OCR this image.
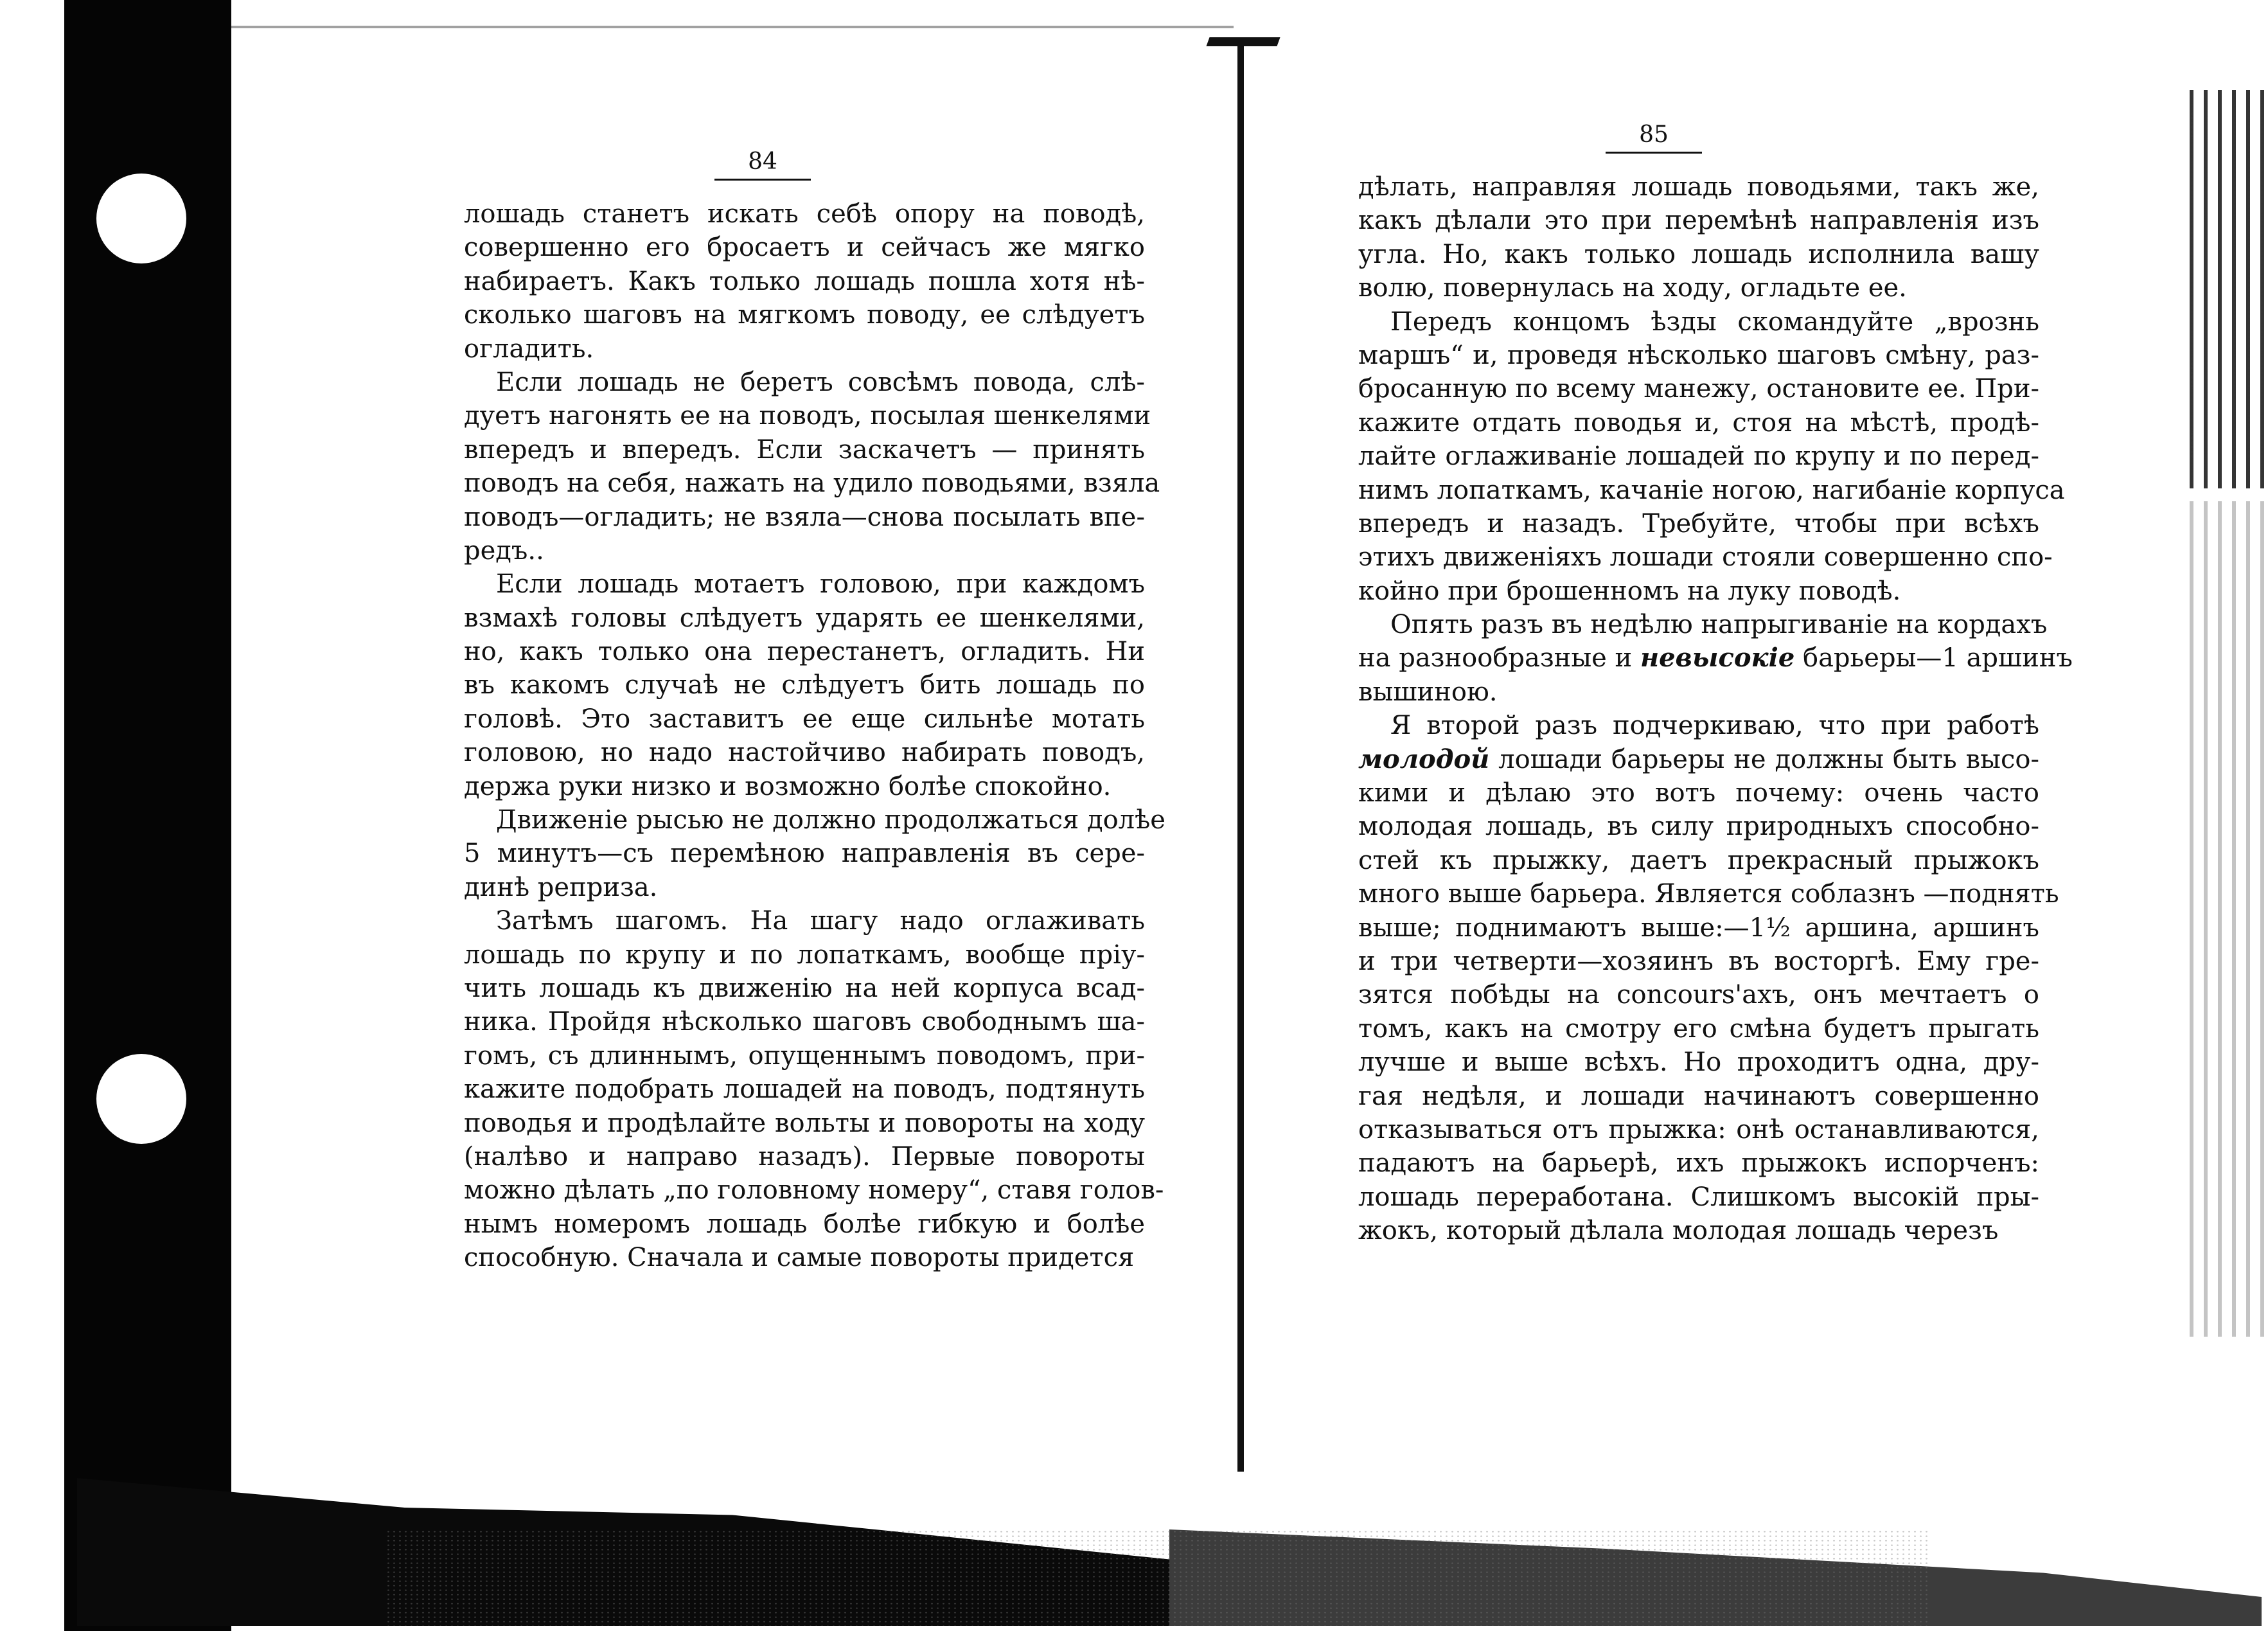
84
лошадь станетъ искать себѣ опору на поводѣ,
совершенно его бросаетъ и сейчасъ же мягко
набираетъ. Какъ только лошадь пошла хотя нѣ-
сколько шаговъ на мягкомъ поводу, ее слѣдуетъ
огладить.
Если лошадь не беретъ совсѣмъ повода, слѣ-
дуетъ нагонять ее на поводъ, посылая шенкелями
впередъ и впередъ. Если заскачетъ — принять
поводъ на себя, нажать на удило поводьями, взяла
поводъ—огладить; не взяла—снова посылать впе-
редъ..
Если лошадь мотаетъ головою, при каждомъ
взмахѣ головы слѣдуетъ ударять ее шенкелями,
но, какъ только она перестанетъ, огладить. Ни
въ какомъ случаѣ не слѣдуетъ бить лошадь по
головѣ. Это заставитъ ее еще сильнѣе мотать
головою, но надо настойчиво набирать поводъ,
держа руки низко и возможно болѣе спокойно.
Движеніе рысью не должно продолжаться долѣе
5 минутъ—съ перемѣною направленія въ сере-
динѣ реприза.
Затѣмъ шагомъ. На шагу надо оглаживать
лошадь по крупу и по лопаткамъ, вообще пріу-
чить лошадь къ движенію на ней корпуса всад-
ника. Пройдя нѣсколько шаговъ свободнымъ ша-
гомъ, съ длиннымъ, опущеннымъ поводомъ, при-
кажите подобрать лошадей на поводъ, подтянуть
поводья и продѣлайте вольты и повороты на ходу
(налѣво и направо назадъ). Первые повороты
можно дѣлать „по головному номеру“, ставя голов-
нымъ номеромъ лошадь болѣе гибкую и болѣе
способную. Сначала и самые повороты придется
85
дѣлать, направляя лошадь поводьями, такъ же,
какъ дѣлали это при перемѣнѣ направленія изъ
угла. Но, какъ только лошадь исполнила вашу
волю, повернулась на ходу, огладьте ее.
Передъ концомъ ѣзды скомандуйте „врознь
маршъ“ и, проведя нѣсколько шаговъ смѣну, раз-
бросанную по всему манежу, остановите ее. При-
кажите отдать поводья и, стоя на мѣстѣ, продѣ-
лайте оглаживаніе лошадей по крупу и по перед-
нимъ лопаткамъ, качаніе ногою, нагибаніе корпуса
впередъ и назадъ. Требуйте, чтобы при всѣхъ
этихъ движеніяхъ лошади стояли совершенно спо-
койно при брошенномъ на луку поводѣ.
Опять разъ въ недѣлю напрыгиваніе на кордахъ
на разнообразные и невысокіе барьеры—1 аршинъ
вышиною.
Я второй разъ подчеркиваю, что при работѣ
молодой лошади барьеры не должны быть высо-
кими и дѣлаю это вотъ почему: очень часто
молодая лошадь, въ силу природныхъ способно-
стей къ прыжку, даетъ прекрасный прыжокъ
много выше барьера. Является соблазнъ —поднять
выше; поднимаютъ выше:—1½ аршина, аршинъ
и три четверти—хозяинъ въ восторгѣ. Ему гре-
зятся побѣды на concours'ахъ, онъ мечтаетъ о
томъ, какъ на смотру его смѣна будетъ прыгать
лучше и выше всѣхъ. Но проходитъ одна, дру-
гая недѣля, и лошади начинаютъ совершенно
отказываться отъ прыжка: онѣ останавливаются,
падаютъ на барьерѣ, ихъ прыжокъ испорченъ:
лошадь переработана. Слишкомъ высокій пры-
жокъ, который дѣлала молодая лошадь черезъ
